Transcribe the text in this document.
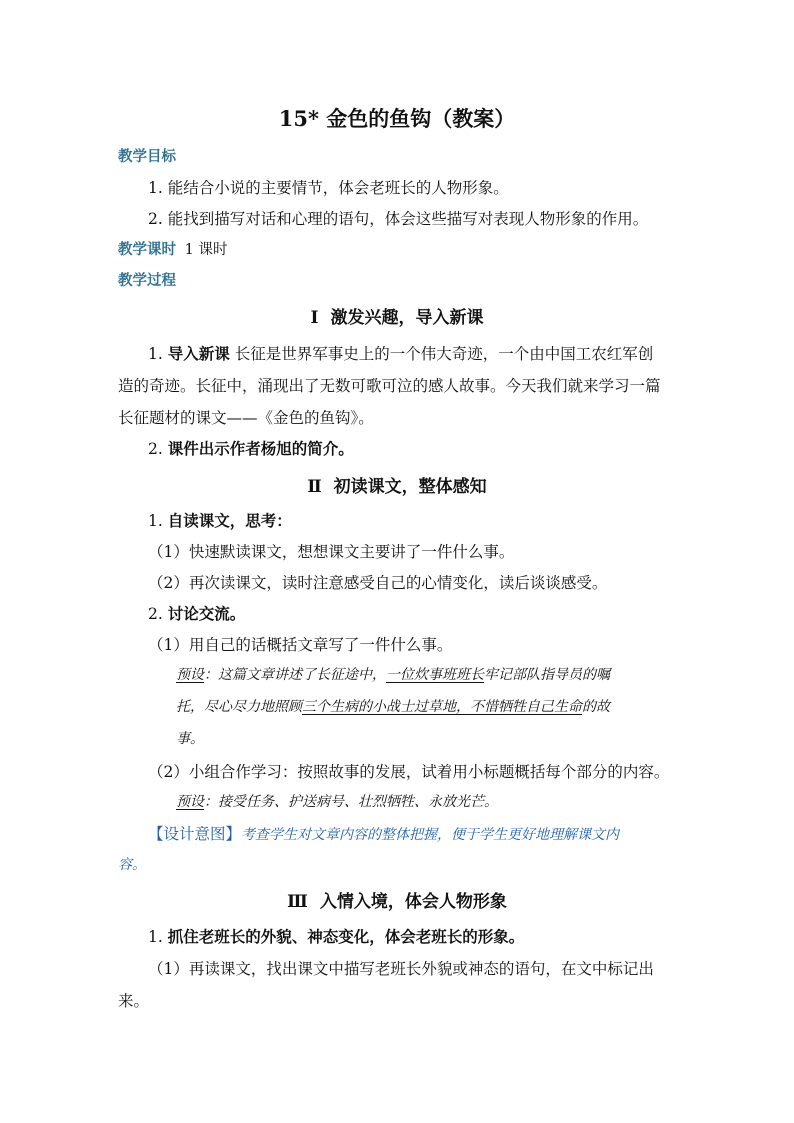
15* 金色的鱼钩（教案）
教学目标
1. 能结合小说的主要情节，体会老班长的人物形象。
2. 能找到描写对话和心理的语句，体会这些描写对表现人物形象的作用。
教学课时 1 课时
教学过程
Ⅰ 激发兴趣，导入新课
1. 导入新课 长征是世界军事史上的一个伟大奇迹，一个由中国工农红军创
造的奇迹。长征中，涌现出了无数可歌可泣的感人故事。今天我们就来学习一篇
长征题材的课文——《金色的鱼钩》。
2. 课件出示作者杨旭的简介。
Ⅱ 初读课文，整体感知
1. 自读课文，思考：
（1）快速默读课文，想想课文主要讲了一件什么事。
（2）再次读课文，读时注意感受自己的心情变化，读后谈谈感受。
2. 讨论交流。
（1）用自己的话概括文章写了一件什么事。
预设：这篇文章讲述了长征途中，一位炊事班班长牢记部队指导员的嘱
托，尽心尽力地照顾三个生病的小战士过草地，不惜牺牲自己生命的故
事。
（2）小组合作学习：按照故事的发展，试着用小标题概括每个部分的内容。
预设：接受任务、护送病号、壮烈牺牲、永放光芒。
【设计意图】考查学生对文章内容的整体把握，便于学生更好地理解课文内
容。
Ⅲ 入情入境，体会人物形象
1. 抓住老班长的外貌、神态变化，体会老班长的形象。
（1）再读课文，找出课文中描写老班长外貌或神态的语句，在文中标记出
来。
